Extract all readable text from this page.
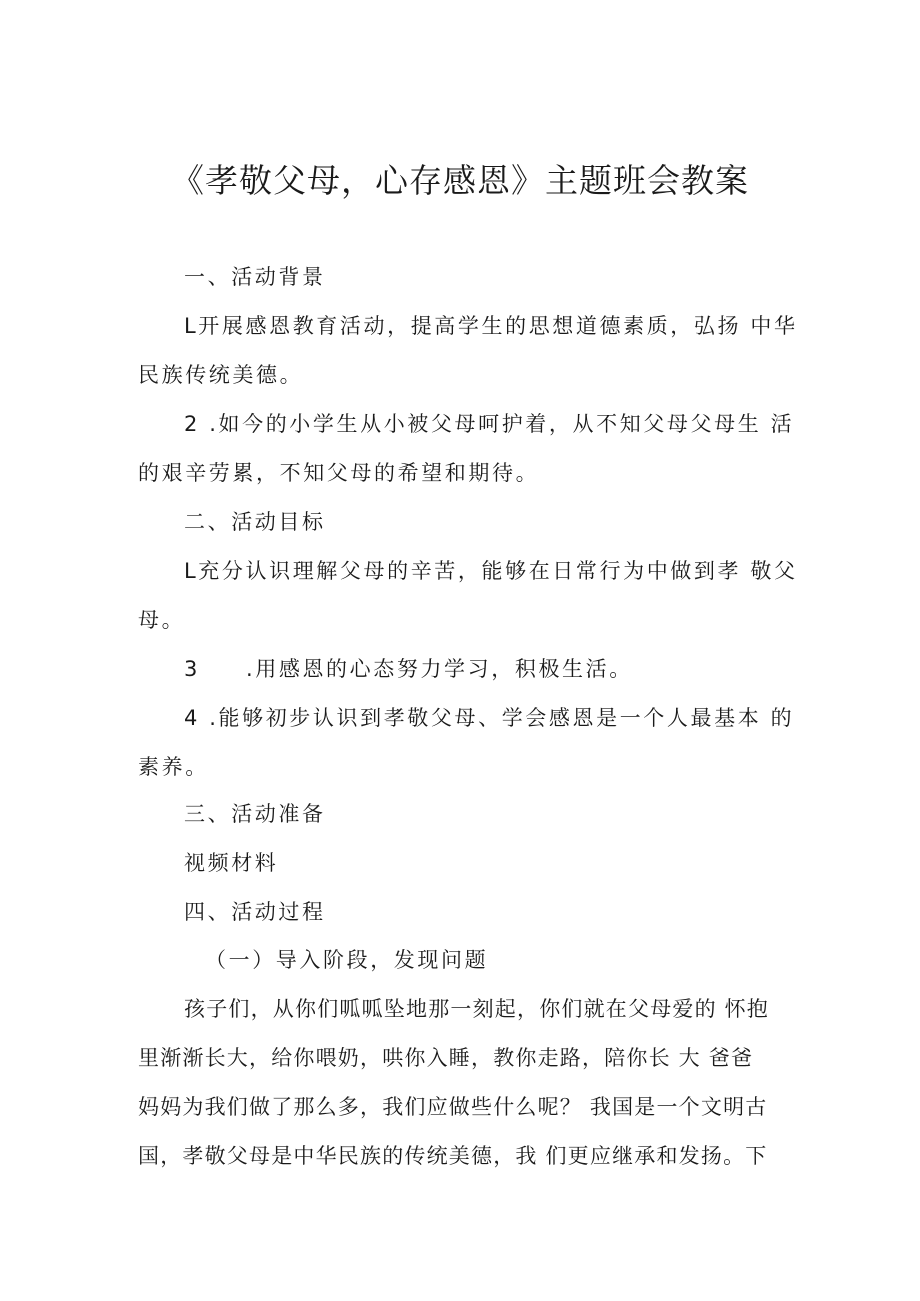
《孝敬父母，心存感恩》主题班会教案
一、活动背景
L开展感恩教育活动，提高学生的思想道德素质，弘扬 中华
民族传统美德。
2 .如今的小学生从小被父母呵护着，从不知父母父母生 活
的艰辛劳累，不知父母的希望和期待。
二、活动目标
L充分认识理解父母的辛苦，能够在日常行为中做到孝 敬父
母。
3 .用感恩的心态努力学习，积极生活。
4 .能够初步认识到孝敬父母、学会感恩是一个人最基本 的
素养。
三、活动准备
视频材料
四、活动过程
（一）导入阶段，发现问题
孩子们，从你们呱呱坠地那一刻起，你们就在父母爱的 怀抱
里渐渐长大，给你喂奶，哄你入睡，教你走路，陪你长 大 爸爸
妈妈为我们做了那么多，我们应做些什么呢？ 我国是一个文明古
国，孝敬父母是中华民族的传统美德，我 们更应继承和发扬。下
